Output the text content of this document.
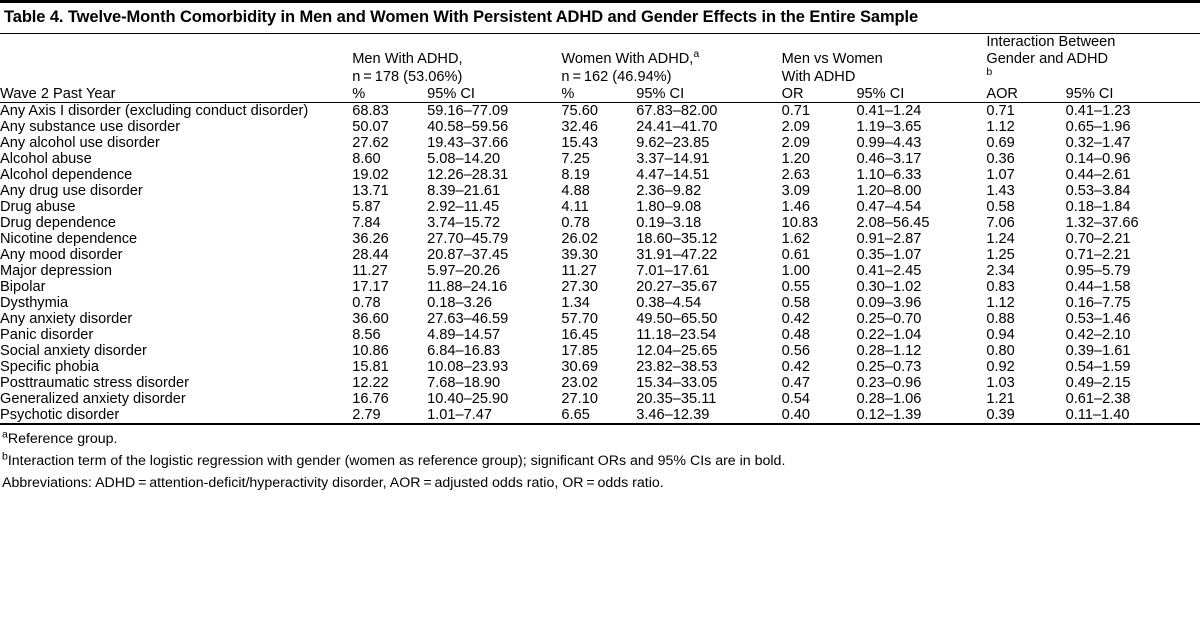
Table 4. Twelve-Month Comorbidity in Men and Women With Persistent ADHD and Gender Effects in the Entire Sample
	Men With ADHD,
n = 178 (53.06%)		Women With ADHD,$^a$
n = 162 (46.94%)		Men vs Women
With ADHD		Interaction Between
Gender and ADHD
$^b$
Wave 2 Past Year	%	95% CI	%	95% CI	OR	95% CI	AOR	95% CI
Any Axis I disorder (excluding conduct disorder)	68.83	59.16–77.09	75.60	67.83–82.00	0.71	0.41–1.24	0.71	0.41–1.23
Any substance use disorder	50.07	40.58–59.56	32.46	24.41–41.70	2.09	1.19–3.65	1.12	0.65–1.96
Any alcohol use disorder	27.62	19.43–37.66	15.43	9.62–23.85	2.09	0.99–4.43	0.69	0.32–1.47
Alcohol abuse	8.60	5.08–14.20	7.25	3.37–14.91	1.20	0.46–3.17	0.36	0.14–0.96
Alcohol dependence	19.02	12.26–28.31	8.19	4.47–14.51	2.63	1.10–6.33	1.07	0.44–2.61
Any drug use disorder	13.71	8.39–21.61	4.88	2.36–9.82	3.09	1.20–8.00	1.43	0.53–3.84
Drug abuse	5.87	2.92–11.45	4.11	1.80–9.08	1.46	0.47–4.54	0.58	0.18–1.84
Drug dependence	7.84	3.74–15.72	0.78	0.19–3.18	10.83	2.08–56.45	7.06	1.32–37.66
Nicotine dependence	36.26	27.70–45.79	26.02	18.60–35.12	1.62	0.91–2.87	1.24	0.70–2.21
Any mood disorder	28.44	20.87–37.45	39.30	31.91–47.22	0.61	0.35–1.07	1.25	0.71–2.21
Major depression	11.27	5.97–20.26	11.27	7.01–17.61	1.00	0.41–2.45	2.34	0.95–5.79
Bipolar	17.17	11.88–24.16	27.30	20.27–35.67	0.55	0.30–1.02	0.83	0.44–1.58
Dysthymia	0.78	0.18–3.26	1.34	0.38–4.54	0.58	0.09–3.96	1.12	0.16–7.75
Any anxiety disorder	36.60	27.63–46.59	57.70	49.50–65.50	0.42	0.25–0.70	0.88	0.53–1.46
Panic disorder	8.56	4.89–14.57	16.45	11.18–23.54	0.48	0.22–1.04	0.94	0.42–2.10
Social anxiety disorder	10.86	6.84–16.83	17.85	12.04–25.65	0.56	0.28–1.12	0.80	0.39–1.61
Specific phobia	15.81	10.08–23.93	30.69	23.82–38.53	0.42	0.25–0.73	0.92	0.54–1.59
Posttraumatic stress disorder	12.22	7.68–18.90	23.02	15.34–33.05	0.47	0.23–0.96	1.03	0.49–2.15
Generalized anxiety disorder	16.76	10.40–25.90	27.10	20.35–35.11	0.54	0.28–1.06	1.21	0.61–2.38
Psychotic disorder	2.79	1.01–7.47	6.65	3.46–12.39	0.40	0.12–1.39	0.39	0.11–1.40
$^a$Reference group.
$^b$Interaction term of the logistic regression with gender (women as reference group); significant ORs and 95% CIs are in bold.
Abbreviations: ADHD = attention-deficit/hyperactivity disorder, AOR = adjusted odds ratio, OR = odds ratio.
